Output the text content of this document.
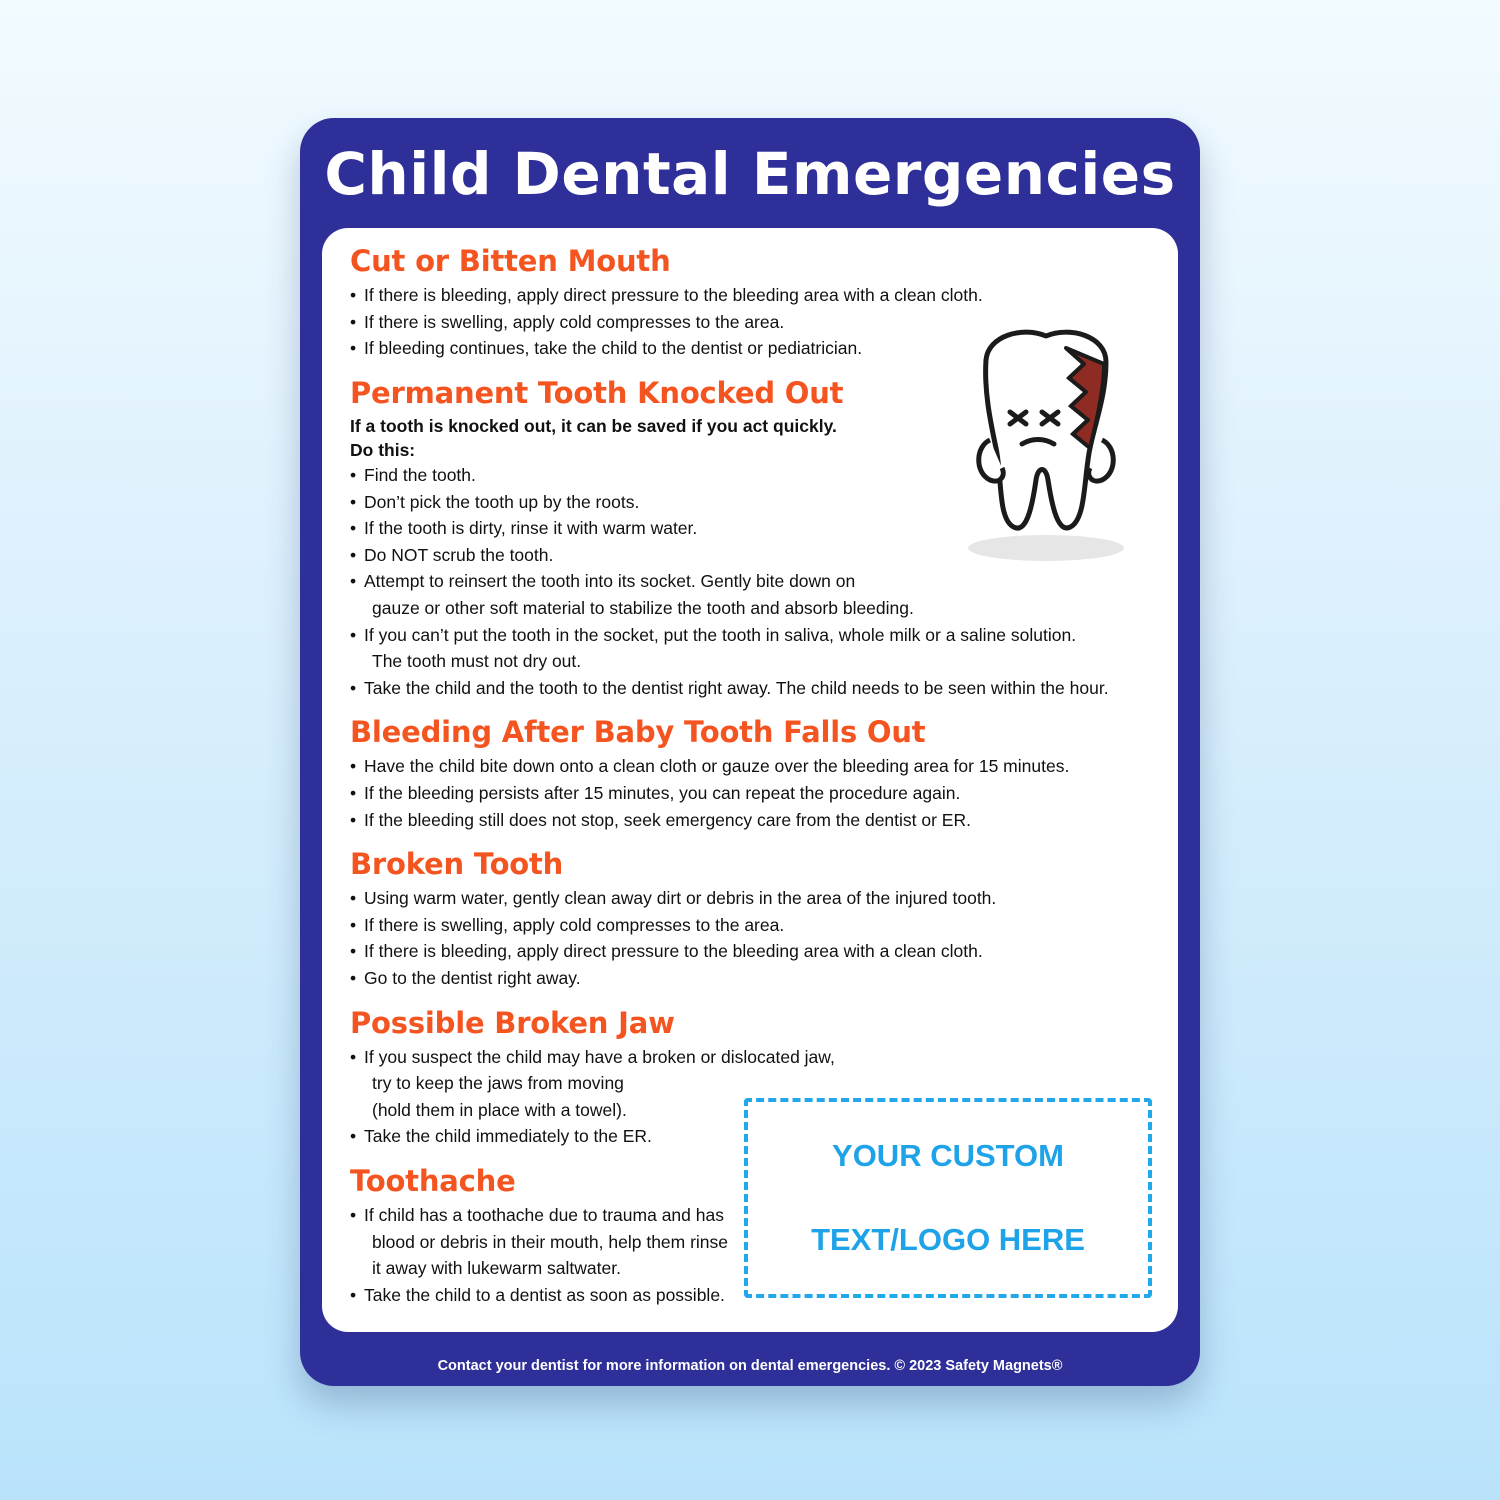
Child Dental Emergencies
Cut or Bitten Mouth
• If there is bleeding, apply direct pressure to the bleeding area with a clean cloth.
• If there is swelling, apply cold compresses to the area.
• If bleeding continues, take the child to the dentist or pediatrician.
Permanent Tooth Knocked Out

If a tooth is knocked out, it can be saved if you act quickly.

Do this:

• Find the tooth.
• Don’t pick the tooth up by the roots.
• If the tooth is dirty, rinse it with warm water.
• Do NOT scrub the tooth.
• Attempt to reinsert the tooth into its socket. Gently bite down on
gauze or other soft material to stabilize the tooth and absorb bleeding.
• If you can’t put the tooth in the socket, put the tooth in saliva, whole milk or a saline solution.
The tooth must not dry out.
• Take the child and the tooth to the dentist right away. The child needs to be seen within the hour.
Bleeding After Baby Tooth Falls Out
• Have the child bite down onto a clean cloth or gauze over the bleeding area for 15 minutes.
• If the bleeding persists after 15 minutes, you can repeat the procedure again.
• If the bleeding still does not stop, seek emergency care from the dentist or ER.
Broken Tooth
• Using warm water, gently clean away dirt or debris in the area of the injured tooth.
• If there is swelling, apply cold compresses to the area.
• If there is bleeding, apply direct pressure to the bleeding area with a clean cloth.
• Go to the dentist right away.
Possible Broken Jaw
• If you suspect the child may have a broken or dislocated jaw,
try to keep the jaws from moving
(hold them in place with a towel).
• Take the child immediately to the ER.
Toothache
• If child has a toothache due to trauma and has
blood or debris in their mouth, help them rinse
it away with lukewarm saltwater.
• Take the child to a dentist as soon as possible.
YOUR CUSTOM

TEXT/LOGO HERE
Contact your dentist for more information on dental emergencies. © 2023 Safety Magnets®
